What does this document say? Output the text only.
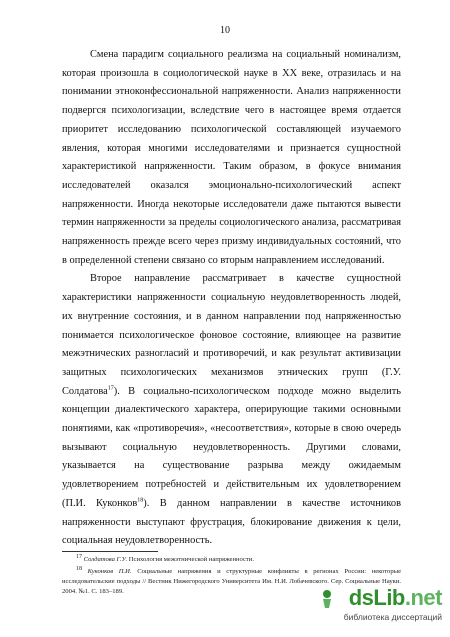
10

Смена парадигм социального реализма на социальный номинализм, которая произошла в социологической науке в XX веке, отразилась и на понимании этноконфессиональной напряженности. Анализ напряженности подвергся психологизации, вследствие чего в настоящее время отдается приоритет исследованию психологической составляющей изучаемого явления, которая многими исследователями и признается сущностной характеристикой напряженности. Таким образом, в фокусе внимания исследователей оказался эмоционально-психологический аспект напряженности. Иногда некоторые исследователи даже пытаются вывести термин напряженности за пределы социологического анализа, рассматривая напряженность прежде всего через призму индивидуальных состояний, что в определенной степени связано со вторым направлением исследований.

Второе направление рассматривает в качестве сущностной характеристики напряженности социальную неудовлетворенность людей, их внутренние состояния, и в данном направлении под напряженностью понимается психологическое фоновое состояние, влияющее на развитие межэтнических разногласий и противоречий, и как результат активизации защитных психологических механизмов этнических групп (Г.У. Солдатова$^{17}$). В социально-психологическом подходе можно выделить концепции диалектического характера, оперирующие такими основными понятиями, как «противоречия», «несоответствия», которые в свою очередь вызывают социальную неудовлетворенность. Другими словами, указывается на существование разрыва между ожидаемым удовлетворением потребностей и действительным их удовлетворением (П.И. Куконков$^{18}$). В данном направлении в качестве источников напряженности выступают фрустрация, блокирование движения к цели, социальная неудовлетворенность.

$^{17}$ Солдатова Г.У. Психология межэтнической напряженности.

$^{18}$ Куконков П.И. Социальные напряжения и структурные конфликты в регионах России: некоторые исследовательские подходы // Вестник Нижегородского Университета Им. Н.И. Лобачевского. Сер. Социальные Науки. 2004. №1. С. 183–189.	dsLib.net
библиотека диссертаций
